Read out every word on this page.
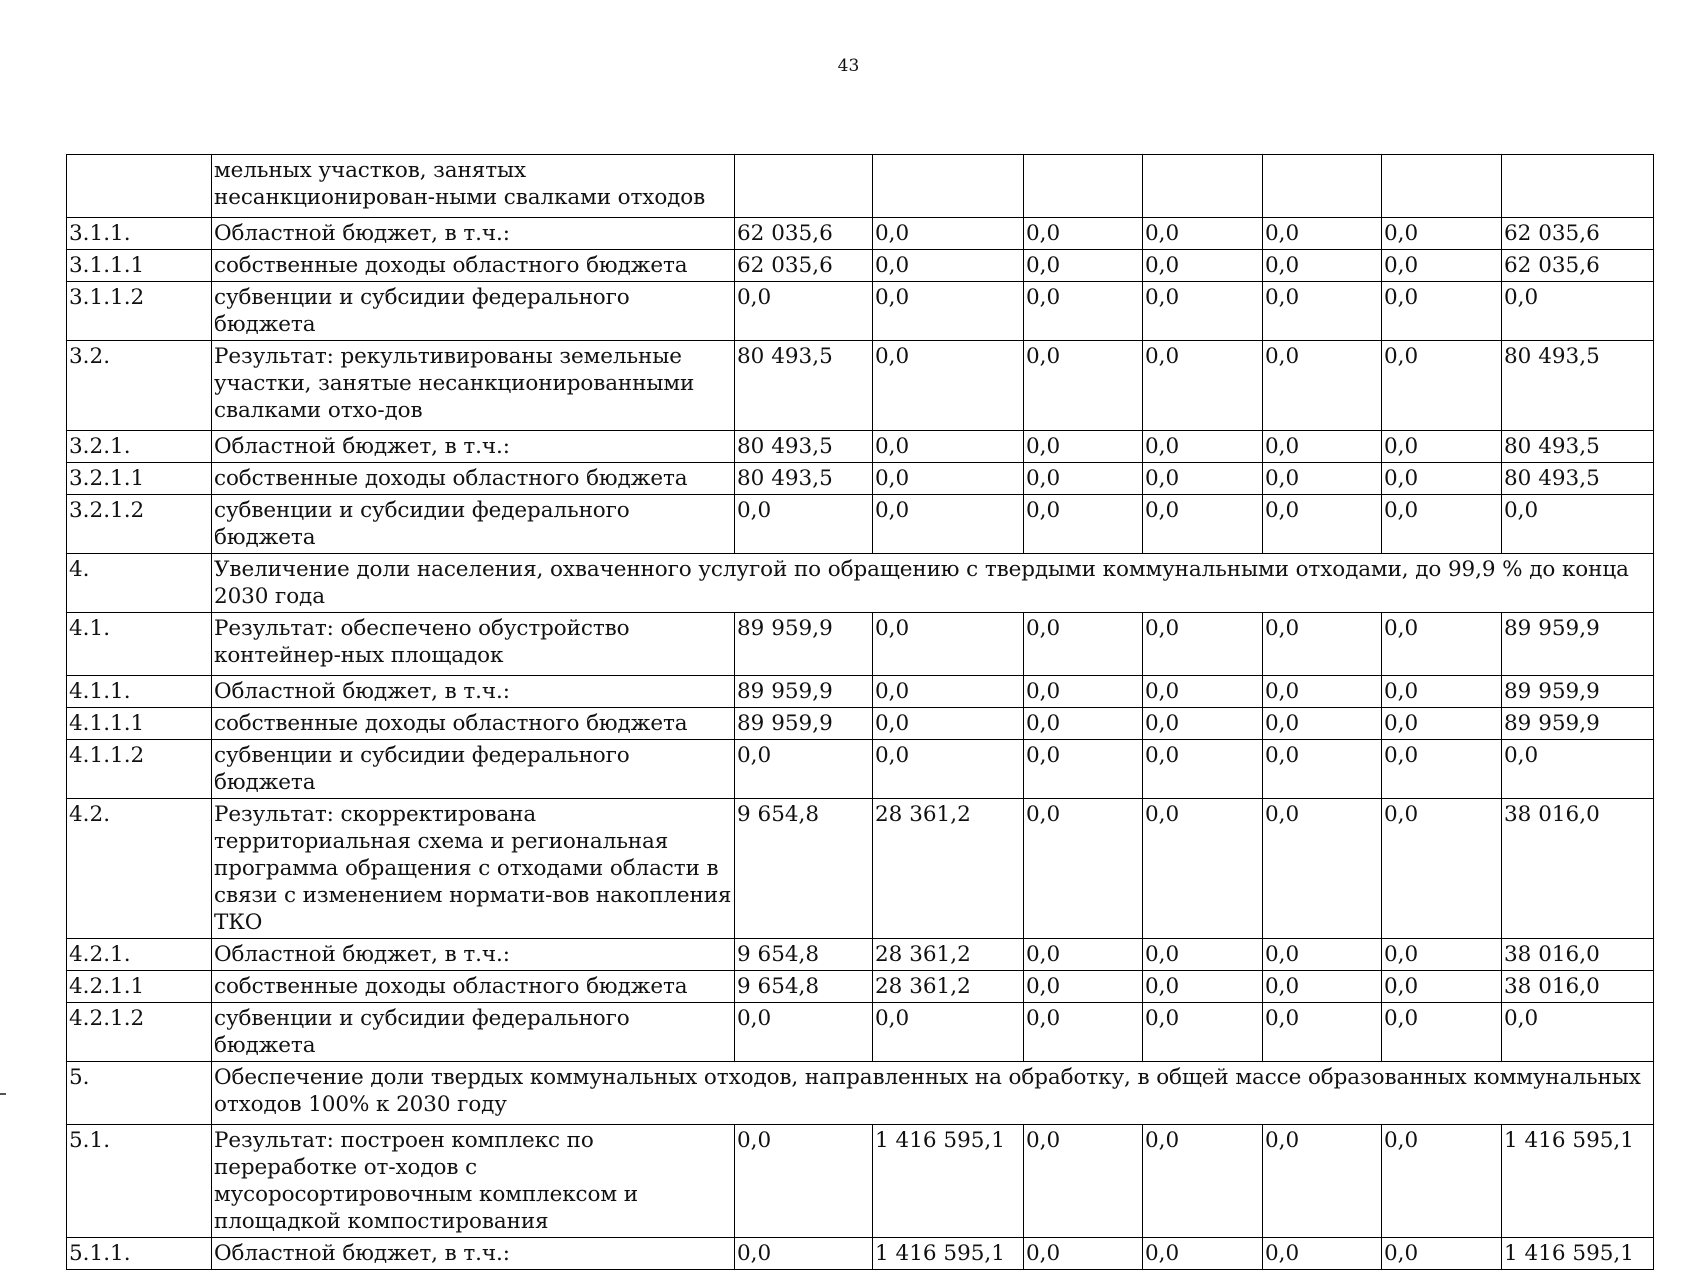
43
	мельных участков, занятых несанкционирован-ными свалками отходов							
3.1.1.	Областной бюджет, в т.ч.:	62 035,6	0,0	0,0	0,0	0,0	0,0	62 035,6
3.1.1.1	собственные доходы областного бюджета	62 035,6	0,0	0,0	0,0	0,0	0,0	62 035,6
3.1.1.2	субвенции и субсидии федерального бюджета	0,0	0,0	0,0	0,0	0,0	0,0	0,0
3.2.	Результат: рекультивированы земельные участки, занятые несанкционированными свалками отхо-дов	80 493,5	0,0	0,0	0,0	0,0	0,0	80 493,5
3.2.1.	Областной бюджет, в т.ч.:	80 493,5	0,0	0,0	0,0	0,0	0,0	80 493,5
3.2.1.1	собственные доходы областного бюджета	80 493,5	0,0	0,0	0,0	0,0	0,0	80 493,5
3.2.1.2	субвенции и субсидии федерального бюджета	0,0	0,0	0,0	0,0	0,0	0,0	0,0
4.	Увеличение доли населения, охваченного услугой по обращению с твердыми коммунальными отходами, до 99,9 % до конца 2030 года							
4.1.	Результат: обеспечено обустройство контейнер-ных площадок	89 959,9	0,0	0,0	0,0	0,0	0,0	89 959,9
4.1.1.	Областной бюджет, в т.ч.:	89 959,9	0,0	0,0	0,0	0,0	0,0	89 959,9
4.1.1.1	собственные доходы областного бюджета	89 959,9	0,0	0,0	0,0	0,0	0,0	89 959,9
4.1.1.2	субвенции и субсидии федерального бюджета	0,0	0,0	0,0	0,0	0,0	0,0	0,0
4.2.	Результат: скорректирована территориальная схема и региональная программа обращения с отходами области в связи с изменением нормати-вов накопления ТКО	9 654,8	28 361,2	0,0	0,0	0,0	0,0	38 016,0
4.2.1.	Областной бюджет, в т.ч.:	9 654,8	28 361,2	0,0	0,0	0,0	0,0	38 016,0
4.2.1.1	собственные доходы областного бюджета	9 654,8	28 361,2	0,0	0,0	0,0	0,0	38 016,0
4.2.1.2	субвенции и субсидии федерального бюджета	0,0	0,0	0,0	0,0	0,0	0,0	0,0
5.	Обеспечение доли твердых коммунальных отходов, направленных на обработку, в общей массе образованных коммунальных отходов 100% к 2030 году							
5.1.	Результат: построен комплекс по переработке от-ходов с мусоросортировочным комплексом и площадкой компостирования	0,0	1 416 595,1	0,0	0,0	0,0	0,0	1 416 595,1
5.1.1.	Областной бюджет, в т.ч.:	0,0	1 416 595,1	0,0	0,0	0,0	0,0	1 416 595,1
